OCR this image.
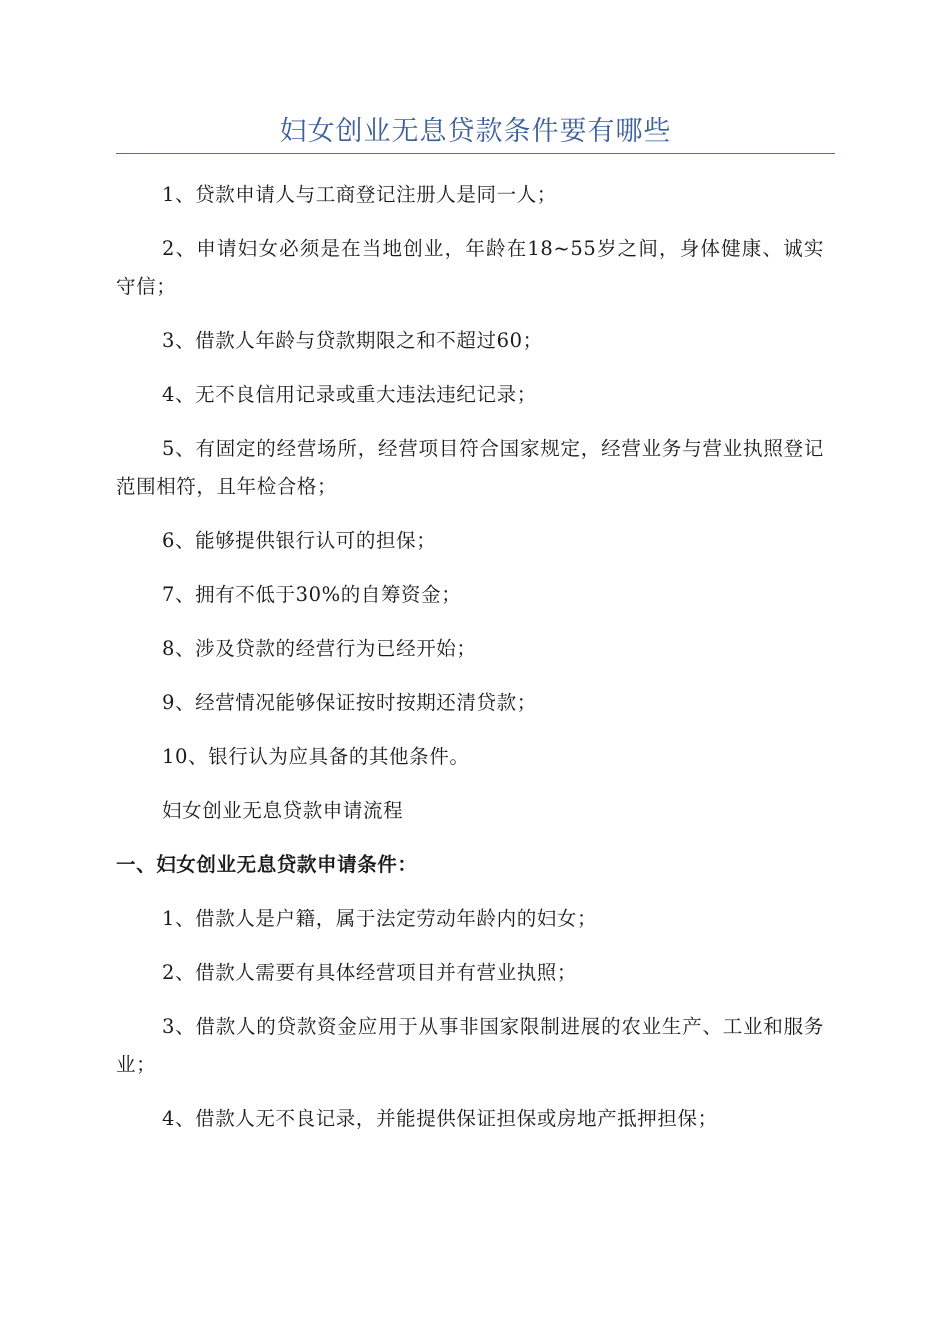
妇女创业无息贷款条件要有哪些

1、贷款申请人与工商登记注册人是同一人；

2、申请妇女必须是在当地创业，年龄在18~55岁之间，身体健康、诚实守信；

3、借款人年龄与贷款期限之和不超过60；

4、无不良信用记录或重大违法违纪记录；

5、有固定的经营场所，经营项目符合国家规定，经营业务与营业执照登记范围相符，且年检合格；

6、能够提供银行认可的担保；

7、拥有不低于30%的自筹资金；

8、涉及贷款的经营行为已经开始；

9、经营情况能够保证按时按期还清贷款；

10、银行认为应具备的其他条件。

妇女创业无息贷款申请流程

一、妇女创业无息贷款申请条件：

1、借款人是户籍，属于法定劳动年龄内的妇女；

2、借款人需要有具体经营项目并有营业执照；

3、借款人的贷款资金应用于从事非国家限制进展的农业生产、工业和服务业；

4、借款人无不良记录，并能提供保证担保或房地产抵押担保；
